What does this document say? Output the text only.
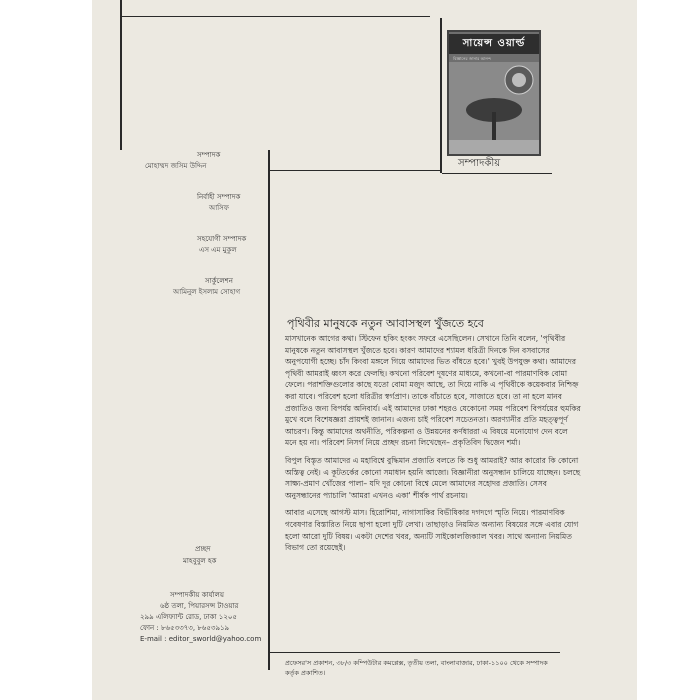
সায়েন্স ওয়ার্ল্ড
বিজ্ঞানের জানার আনন্দ
সম্পাদকীয়
সম্পাদক
মোহাম্মদ জসিম উদ্দিন
নির্বাহী সম্পাদক
আসিফ
সহযোগী সম্পাদক
এস এম মুকুল
সার্কুলেশন
আমিনুল ইসলাম সোহাগ
পৃথিবীর মানুষকে নতুন আবাসস্থল খুঁজতে হবে

মাসখানেক আগের কথা। স্টিফেন হকিং হংকং সফরে এসেছিলেন। সেখানে তিনি বলেন, 'পৃথিবীর মানুষকে নতুন আবাসস্থল খুঁজতে হবে। কারণ আমাদের শ্যামল ধরিত্রী দিনকে দিন বসবাসের অনুপযোগী হচ্ছে। চাঁদ কিংবা মঙ্গলে গিয়ে আমাদের ভিত বাঁধতে হবে।' খুবই উপযুক্ত কথা। আমাদের পৃথিবী আমরাই ধ্বংস করে ফেলছি। কখনো পরিবেশ দূষণের মাধ্যমে, কখনো-বা পারমাণবিক বোমা ফেলে। পরাশক্তিগুলোর কাছে যতো বোমা মজুদ আছে, তা দিয়ে নাকি এ পৃথিবীকে কয়েকবার নিশ্চিহ্ন করা যাবে। পরিবেশ হলো ধরিত্রীর স্বর্গপ্রাণ। তাকে বাঁচাতে হবে, সাজাতে হবে। তা না হলে মানব প্রজাতিও জন্য বিপর্যয় অনিবার্য। এই আমাদের ঢাকা শহরও যেকোনো সময় পরিবেশ বিপর্যয়ের হুমকির মুখে বলে বিশেষজ্ঞরা প্রায়শই জানান। এজন্য চাই পরিবেশ সচেতনতা। অরণ্যানীর প্রতি মহত্ত্বপূর্ণ আচরণ। কিন্তু আমাদের অথনীতি, পরিকল্পনা ও উন্নয়নের কর্ণধাররা এ বিষয়ে মনোযোগ দেন বলে মনে হয় না। পরিবেশ নিসর্গ নিয়ে প্রচ্ছদ রচনা লিখেছেন– প্রকৃতিবিদ দ্বিজেন শর্মা।

বিপুল বিস্তৃত আমাদের এ মহাবিশ্বে বুদ্ধিমান প্রজাতি বলতে কি শুধু আমরাই? আর কারোর কি কোনো অস্তিত্ব নেই। এ কূটতর্কের কোনো সমাধান হয়নি আজো। বিজ্ঞানীরা অনুসন্ধান চালিয়ে যাচ্ছেন। চলছে সাক্ষ্য-প্রমাণ খোঁজের পালা– যদি দূর কোনো বিশ্বে মেলে আমাদের সহোদর প্রজাতি। সেসব অনুসন্ধানের প্যাচালি 'আমরা এখনও একা' শীর্ষক পার্থ রচনায়।

আবার এসেছে আগস্ট মাস। হিরোশিমা, নাগাসাকির বিভীষিকার দগদগে স্মৃতি নিয়ে। পারমাণবিক গবেষণার বিস্তারিত নিয়ে ছাপা হলো দুটি লেখা। তাছাড়াও নিয়মিত অন্যান্য বিষয়ের সঙ্গে এবার যোগ হলো আরো দুটি বিষয়। একটা দেশের খবর, অন্যটি সাইকোলজিক্যাল খবর। সাথে অন্যান্য নিয়মিত বিভাগ তো রয়েছেই।

প্রচ্ছদ
মাহবুবুল হক
সম্পাদকীয় কার্যালয়
৬ষ্ঠ তলা, পিয়ারসন্স টাওয়ার
২৯৯ এলিফ্যান্ট রোড, ঢাকা ১২০৫
ফোন : ৮৬৫৩৩৭৩, ৮৬৫৩৯১৯
E-mail : editor_sworld@yahoo.com
প্রফেসর'স প্রকাশন, ৩৮/৩ কম্পিউটার কমপ্লেক্স, তৃতীয় তলা, বাংলাবাজার, ঢাকা-১১০০ থেকে সম্পাদক কর্তৃক প্রকাশিত।
